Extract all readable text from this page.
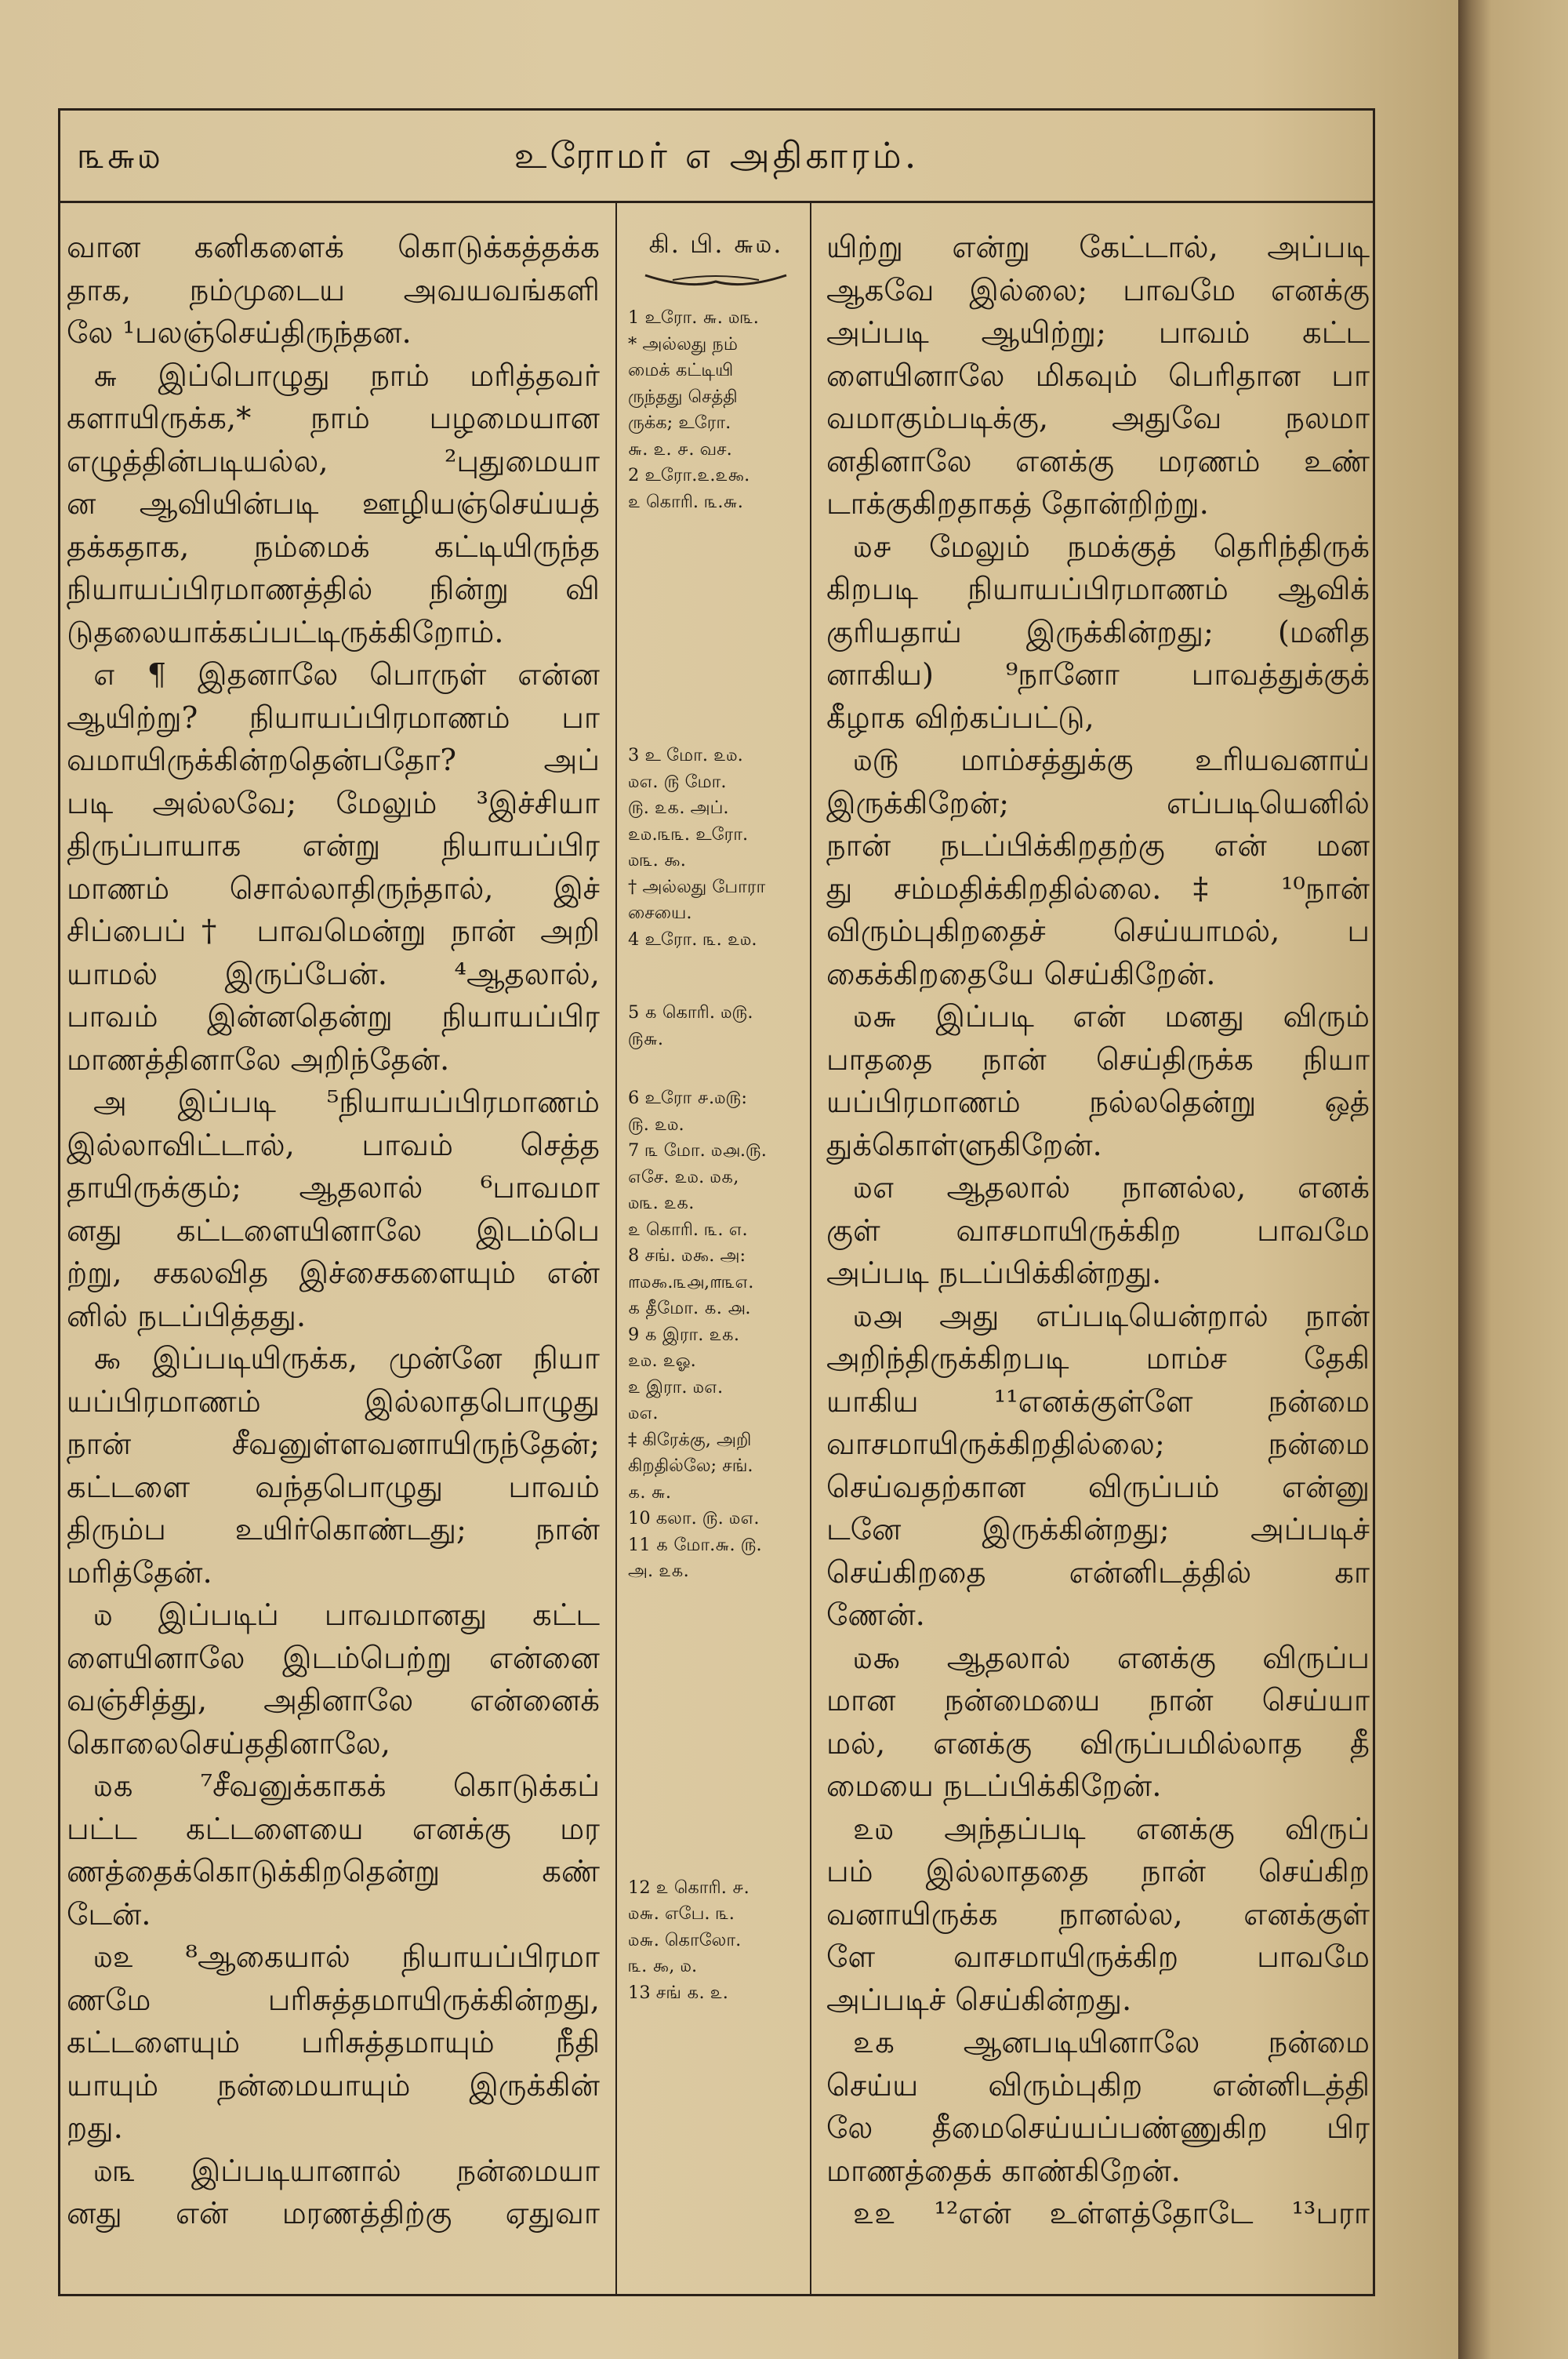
௩௬௰	உரோமர் ௭ அதிகாரம்.
வான கனிகளைக் கொடுக்கத்தக்க
தாக, நம்முடைய அவயவங்களி
லே ¹பலஞ்செய்திருந்தன.
௬ இப்பொழுது நாம் மரித்தவர்
களாயிருக்க,* நாம் பழமையான
எழுத்தின்படியல்ல, ²புதுமையா
ன ஆவியின்படி ஊழியஞ்செய்யத்
தக்கதாக, நம்மைக் கட்டியிருந்த
நியாயப்பிரமாணத்தில் நின்று வி
டுதலையாக்கப்பட்டிருக்கிறோம்.
௭ ¶ இதனாலே பொருள் என்ன
ஆயிற்று? நியாயப்பிரமாணம் பா
வமாயிருக்கின்றதென்பதோ? அப்
படி அல்லவே; மேலும் ³இச்சியா
திருப்பாயாக என்று நியாயப்பிர
மாணம் சொல்லாதிருந்தால், இச்
சிப்பைப்† பாவமென்று நான் அறி
யாமல் இருப்பேன். ⁴ஆதலால்,
பாவம் இன்னதென்று நியாயப்பிர
மாணத்தினாலே அறிந்தேன்.
அ இப்படி ⁵நியாயப்பிரமாணம்
இல்லாவிட்டால், பாவம் செத்த
தாயிருக்கும்; ஆதலால் ⁶பாவமா
னது கட்டளையினாலே இடம்பெ
ற்று, சகலவித இச்சைகளையும் என்
னில் நடப்பித்தது.
௯ இப்படியிருக்க, முன்னே நியா
யப்பிரமாணம் இல்லாதபொழுது
நான் சீவனுள்ளவனாயிருந்தேன்;
கட்டளை வந்தபொழுது பாவம்
திரும்ப உயிர்கொண்டது; நான்
மரித்தேன்.
௰ இப்படிப் பாவமானது கட்ட
ளையினாலே இடம்பெற்று என்னை
வஞ்சித்து, அதினாலே என்னைக்
கொலைசெய்ததினாலே,
௰௧ ⁷சீவனுக்காகக் கொடுக்கப்
பட்ட கட்டளையை எனக்கு மர
ணத்தைக்கொடுக்கிறதென்று கண்
டேன்.
௰௨ ⁸ஆகையால் நியாயப்பிரமா
ணமே பரிசுத்தமாயிருக்கின்றது,
கட்டளையும் பரிசுத்தமாயும் நீதி
யாயும் நன்மையாயும் இருக்கின்
றது.
௰௩ இப்படியானால் நன்மையா
னது என் மரணத்திற்கு ஏதுவா
கி. பி. ௬௰.
1 உரோ. ௬. ௰௩.
* அல்லது நம்
மைக் கட்டியி
ருந்தது செத்தி
ருக்க; உரோ.
௬. ௨. ௪. வச.
2 உரோ.௨.௨௯.
௨ கொரி. ௩.௬.
3 உ மோ. ௨௰.
௰௭. ௫ மோ.
௫. ௨௧. அப்.
௨௰.௩௩. உரோ.
௰௩. ௯.
† அல்லது போரா
சையை.
4 உரோ. ௩. ௨௰.
5 ௧ கொரி. ௰௫.
௫௬.
6 உரோ ௪.௰௫:
௫. ௨௰.
7 ௩ மோ. ௰௮.௫.
௭சே. ௨௰. ௰௧,
௰௩. ௨௧.
௨ கொரி. ௩. ௭.
8 சங். ௰௯. அ:
௱௰௯.௩௮,௱௩௭.
௧ தீமோ. ௧. ௮.
9 ௧ இரா. ௨௧.
௨௰. ௨ஓ.
௨ இரா. ௰௭.
௰௭.
‡ கிரேக்கு, அறி
கிறதில்லே; சங்.
௧. ௬.
10 கலா. ௫. ௰௭.
11 ௧ மோ.௬. ௫.
அ. ௨௧.
12 ௨ கொரி. ௪.
௰௬. எபே. ௩.
௰௬. கொலோ.
௩. ௯, ௰.
13 சங் ௧. ௨.
யிற்று என்று கேட்டால், அப்படி
ஆகவே இல்லை; பாவமே எனக்கு
அப்படி ஆயிற்று; பாவம் கட்ட
ளையினாலே மிகவும் பெரிதான பா
வமாகும்படிக்கு, அதுவே நலமா
னதினாலே எனக்கு மரணம் உண்
டாக்குகிறதாகத் தோன்றிற்று.
௰௪ மேலும் நமக்குத் தெரிந்திருக்
கிறபடி நியாயப்பிரமாணம் ஆவிக்
குரியதாய் இருக்கின்றது; (மனித
னாகிய) ⁹நானோ பாவத்துக்குக்
கீழாக விற்கப்பட்டு,
௰௫ மாம்சத்துக்கு உரியவனாய்
இருக்கிறேன்; எப்படியெனில்
நான் நடப்பிக்கிறதற்கு என் மன
து சம்மதிக்கிறதில்லை.‡ ¹⁰நான்
விரும்புகிறதைச் செய்யாமல், ப
கைக்கிறதையே செய்கிறேன்.
௰௬ இப்படி என் மனது விரும்
பாததை நான் செய்திருக்க நியா
யப்பிரமாணம் நல்லதென்று ஒத்
துக்கொள்ளுகிறேன்.
௰௭ ஆதலால் நானல்ல, எனக்
குள் வாசமாயிருக்கிற பாவமே
அப்படி நடப்பிக்கின்றது.
௰௮ அது எப்படியென்றால் நான்
அறிந்திருக்கிறபடி மாம்ச தேகி
யாகிய ¹¹எனக்குள்ளே நன்மை
வாசமாயிருக்கிறதில்லை; நன்மை
செய்வதற்கான விருப்பம் என்னு
டனே இருக்கின்றது; அப்படிச்
செய்கிறதை என்னிடத்தில் கா
ணேன்.
௰௯ ஆதலால் எனக்கு விருப்ப
மான நன்மையை நான் செய்யா
மல், எனக்கு விருப்பமில்லாத தீ
மையை நடப்பிக்கிறேன்.
௨௰ அந்தப்படி எனக்கு விருப்
பம் இல்லாததை நான் செய்கிற
வனாயிருக்க நானல்ல, எனக்குள்
ளே வாசமாயிருக்கிற பாவமே
அப்படிச் செய்கின்றது.
௨௧ ஆனபடியினாலே நன்மை
செய்ய விரும்புகிற என்னிடத்தி
லே தீமைசெய்யப்பண்ணுகிற பிர
மாணத்தைக் காண்கிறேன்.
௨௨ ¹²என் உள்ளத்தோடே ¹³பரா
